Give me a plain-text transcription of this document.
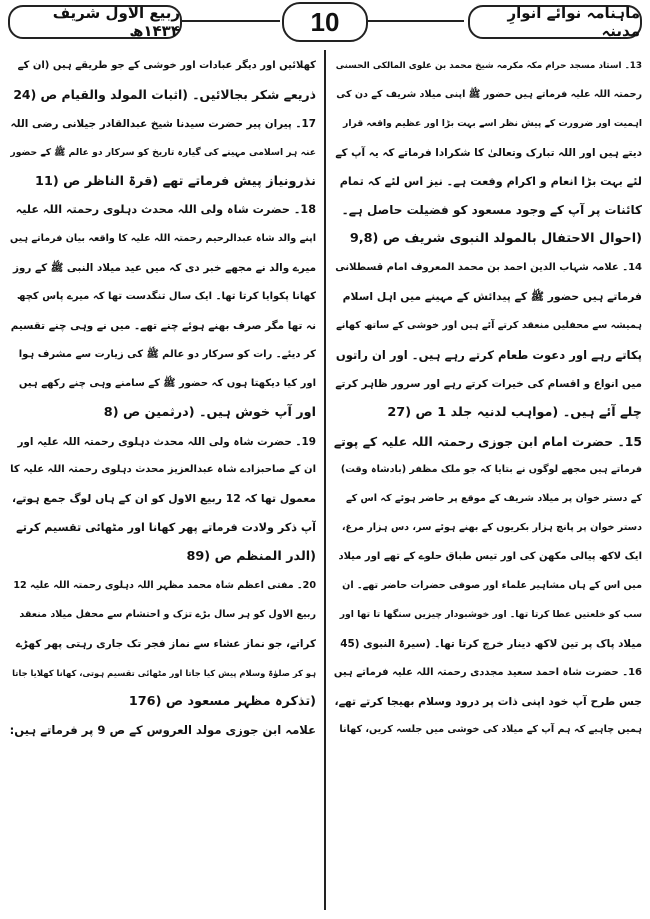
ماہنامہ نوائے انوارِ مدینہ
10
ربیع الاول شریف ۱۴۳۴ھ
13۔ استاد مسجد حرام مکہ مکرمہ شیخ محمد بن علوی المالکی الحسنی
رحمتہ اللہ علیہ فرماتے ہیں حضور ﷺ اپنی میلاد شریف کے دن کی
اہمیت اور ضرورت کے پیش نظر اسے بہت بڑا اور عظیم واقعہ قرار
دیتے ہیں اور اللہ تبارک وتعالیٰ کا شکرادا فرماتے کہ یہ آپ کے
لئے بہت بڑا انعام و اکرام وفعت ہے۔ نیز اس لئے کہ تمام
کائنات پر آپ کے وجود مسعود کو فضیلت حاصل ہے۔
(احوال الاحتفال بالمولد النبوی شریف ص (9,8
14۔ علامہ شہاب الدین احمد بن محمد المعروف امام قسطلانی
فرماتے ہیں حضور ﷺ کے پیدائش کے مہینے میں اہل اسلام
ہمیشہ سے محفلیں منعقد کرتے آئے ہیں اور خوشی کے ساتھ کھانے
پکاتے رہے اور دعوت طعام کرتے رہے ہیں۔ اور ان راتوں
میں انواع و اقسام کی خیرات کرتے رہے اور سرور ظاہر کرتے
چلے آئے ہیں۔ (مواہب لدنیہ جلد 1 ص (27
15۔ حضرت امام ابن جوزی رحمتہ اللہ علیہ کے پوتے
فرماتے ہیں مجھے لوگوں نے بتایا کہ جو ملک مظفر (بادشاہ وقت)
کے دستر خوان پر میلاد شریف کے موقع پر حاضر ہوئے کہ اس کے
دستر خوان پر پانچ ہزار بکریوں کے بھنے ہوئے سر، دس ہزار مرغ،
ایک لاکھ پیالی مکھن کی اور تیس طباق حلوے کے تھے اور میلاد
میں اس کے ہاں مشاہیر علماء اور صوفی حضرات حاضر تھے۔ ان
سب کو خلعتیں عطا کرتا تھا۔ اور خوشبودار چیزیں سنگھا تا تھا اور
میلاد پاک پر تین لاکھ دینار خرچ کرتا تھا۔ (سیرۃ النبوی (45
16۔ حضرت شاہ احمد سعید مجددی رحمتہ اللہ علیہ فرماتے ہیں
جس طرح آپ خود اپنی ذات پر درود وسلام بھیجا کرتے تھے،
ہمیں چاہیے کہ ہم آپ کے میلاد کی خوشی میں جلسہ کریں، کھانا
کھلائیں اور دیگر عبادات اور خوشی کے جو طریقے ہیں (ان کے
ذریعے شکر بجالائیں۔ (اثبات المولد والقیام ص (24
17۔ پیران پیر حضرت سیدنا شیخ عبدالقادر جیلانی رضی اللہ
عنہ ہر اسلامی مہینے کی گیارہ تاریخ کو سرکار دو عالم ﷺ کے حضور
نذرونیاز پیش فرماتے تھے (قرۃ الناظر ص (11
18۔ حضرت شاہ ولی اللہ محدث دہلوی رحمتہ اللہ علیہ
اپنے والد شاہ عبدالرحیم رحمتہ اللہ علیہ کا واقعہ بیان فرماتے ہیں
میرے والد نے مجھے خبر دی کہ میں عید میلاد النبی ﷺ کے روز
کھانا پکوایا کرتا تھا۔ ایک سال تنگدست تھا کہ میرے پاس کچھ
نہ تھا مگر صرف بھنے ہوئے چنے تھے۔ میں نے وہی چنے تقسیم
کر دیئے۔ رات کو سرکار دو عالم ﷺ کی زیارت سے مشرف ہوا
اور کیا دیکھتا ہوں کہ حضور ﷺ کے سامنے وہی چنے رکھے ہیں
اور آپ خوش ہیں۔ (درثمین ص (8
19۔ حضرت شاہ ولی اللہ محدث دہلوی رحمتہ اللہ علیہ اور
ان کے صاحبزادے شاہ عبدالعزیز محدث دہلوی رحمتہ اللہ علیہ کا
معمول تھا کہ 12 ربیع الاول کو ان کے ہاں لوگ جمع ہوتے،
آپ ذکر ولادت فرماتے پھر کھانا اور مٹھائی تقسیم کرتے
(الدر المنظم ص (89
20۔ مفتی اعظم شاہ محمد مظہر اللہ دہلوی رحمتہ اللہ علیہ 12
ربیع الاول کو ہر سال بڑے تزک و احتشام سے محفل میلاد منعقد
کراتے، جو نماز عشاء سے نماز فجر تک جاری رہتی پھر کھڑے
ہو کر صلوٰۃ وسلام پیش کیا جاتا اور مٹھائی تقسیم ہوتی، کھانا کھلایا جاتا
(تذکرہ مظہر مسعود ص (176
علامہ ابن جوزی مولد العروس کے ص 9 پر فرماتے ہیں:
